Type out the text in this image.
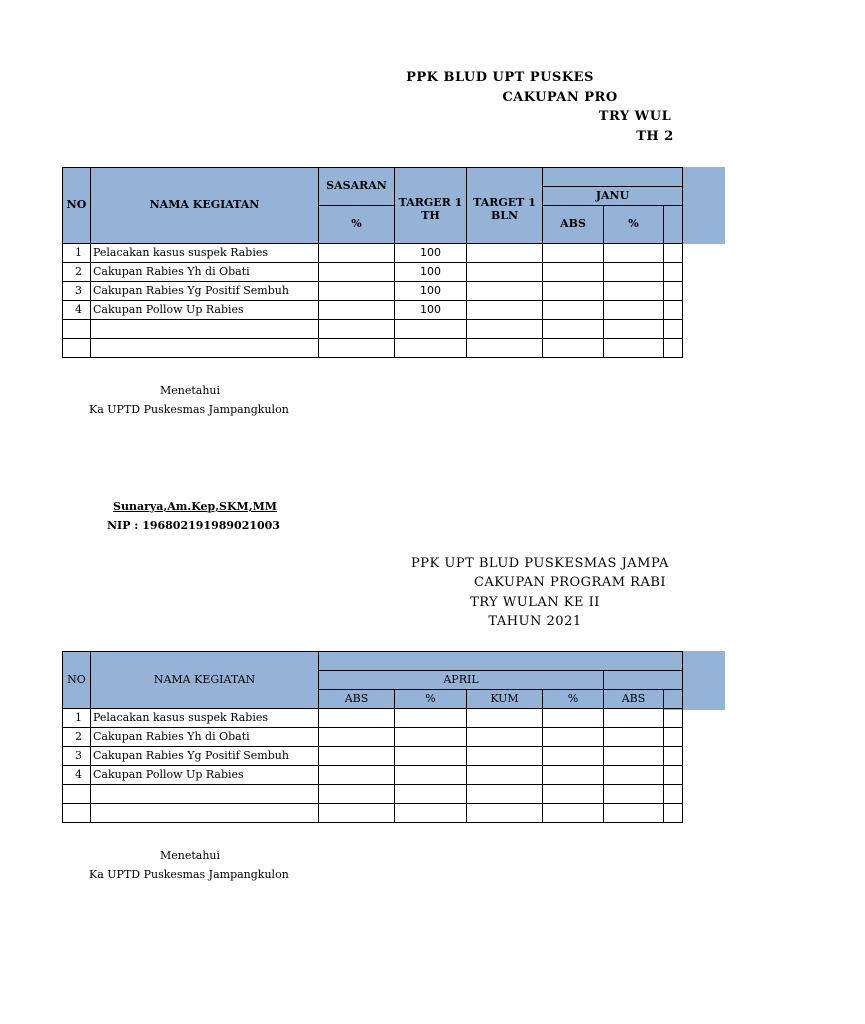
PPK BLUD UPT PUSKES
CAKUPAN PRO
TRY WUL
TH 2
NO	NAMA KEGIATAN	SASARAN	TARGER 1 TH	TARGET 1 BLN			
					JANU		
		%			ABS	%	
1	Pelacakan kasus suspek Rabies		100				
2	Cakupan Rabies Yh di Obati		100				
3	Cakupan Rabies Yg Positif Sembuh		100				
4	Cakupan Pollow Up Rabies		100				

Menetahui
Ka UPTD Puskesmas Jampangkulon
Sunarya,Am.Kep,SKM,MM
NIP : 196802191989021003
PPK UPT BLUD PUSKESMAS JAMPA
CAKUPAN PROGRAM RABI
TRY WULAN KE II
TAHUN 2021
NO	NAMA KEGIATAN						
		APRIL					
		ABS	%	KUM	%	ABS	
1	Pelacakan kasus suspek Rabies						
2	Cakupan Rabies Yh di Obati						
3	Cakupan Rabies Yg Positif Sembuh						
4	Cakupan Pollow Up Rabies						

Menetahui
Ka UPTD Puskesmas Jampangkulon
